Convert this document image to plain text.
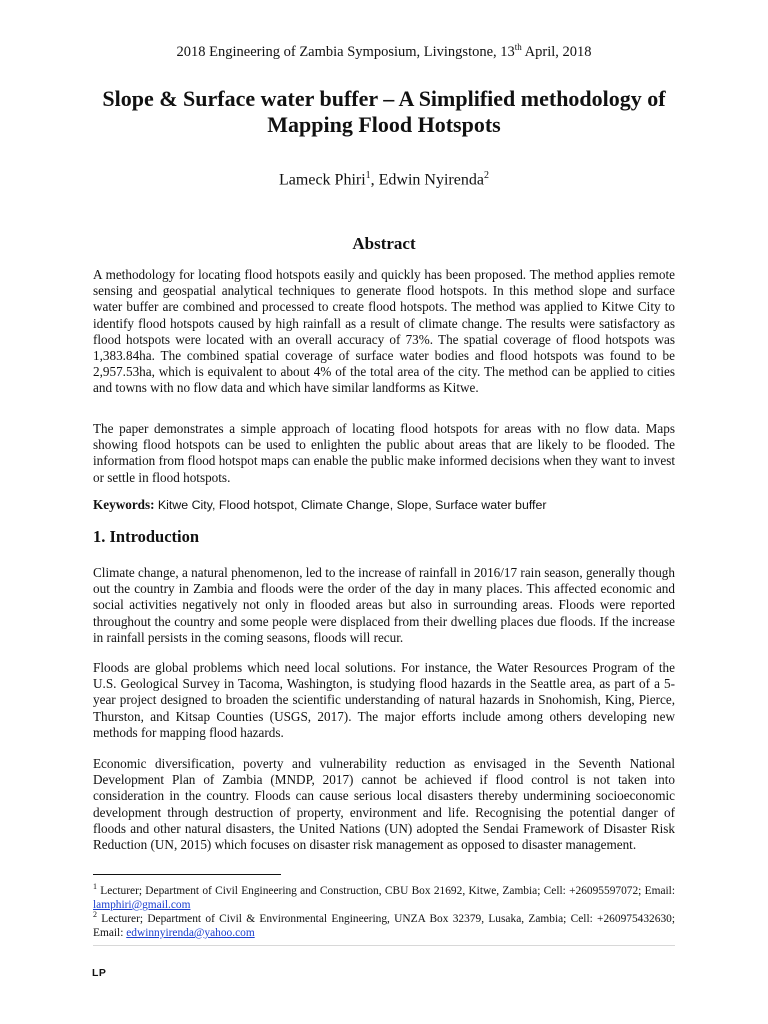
2018 Engineering of Zambia Symposium, Livingstone, 13th April, 2018
Slope & Surface water buffer – A Simplified methodology of Mapping Flood Hotspots
Lameck Phiri$^1$, Edwin Nyirenda$^2$
Abstract
A methodology for locating flood hotspots easily and quickly has been proposed. The method applies remote sensing and geospatial analytical techniques to generate flood hotspots. In this method slope and surface water buffer are combined and processed to create flood hotspots. The method was applied to Kitwe City to identify flood hotspots caused by high rainfall as a result of climate change. The results were satisfactory as flood hotspots were located with an overall accuracy of 73%. The spatial coverage of flood hotspots was 1,383.84ha. The combined spatial coverage of surface water bodies and flood hotspots was found to be 2,957.53ha, which is equivalent to about 4% of the total area of the city. The method can be applied to cities and towns with no flow data and which have similar landforms as Kitwe.
The paper demonstrates a simple approach of locating flood hotspots for areas with no flow data. Maps showing flood hotspots can be used to enlighten the public about areas that are likely to be flooded. The information from flood hotspot maps can enable the public make informed decisions when they want to invest or settle in flood hotspots.
Keywords: Kitwe City, Flood hotspot, Climate Change, Slope, Surface water buffer
1. Introduction
Climate change, a natural phenomenon, led to the increase of rainfall in 2016/17 rain season, generally though out the country in Zambia and floods were the order of the day in many places. This affected economic and social activities negatively not only in flooded areas but also in surrounding areas. Floods were reported throughout the country and some people were displaced from their dwelling places due floods. If the increase in rainfall persists in the coming seasons, floods will recur.
Floods are global problems which need local solutions. For instance, the Water Resources Program of the U.S. Geological Survey in Tacoma, Washington, is studying flood hazards in the Seattle area, as part of a 5-year project designed to broaden the scientific understanding of natural hazards in Snohomish, King, Pierce, Thurston, and Kitsap Counties (USGS, 2017). The major efforts include among others developing new methods for mapping flood hazards.
Economic diversification, poverty and vulnerability reduction as envisaged in the Seventh National Development Plan of Zambia (MNDP, 2017) cannot be achieved if flood control is not taken into consideration in the country. Floods can cause serious local disasters thereby undermining socioeconomic development through destruction of property, environment and life. Recognising the potential danger of floods and other natural disasters, the United Nations (UN) adopted the Sendai Framework of Disaster Risk Reduction (UN, 2015) which focuses on disaster risk management as opposed to disaster management.
$^1$ Lecturer; Department of Civil Engineering and Construction, CBU Box 21692, Kitwe, Zambia; Cell: +26095597072; Email: lamphiri@gmail.com
$^2$ Lecturer; Department of Civil & Environmental Engineering, UNZA Box 32379, Lusaka, Zambia; Cell: +260975432630; Email: edwinnyirenda@yahoo.com
LP
